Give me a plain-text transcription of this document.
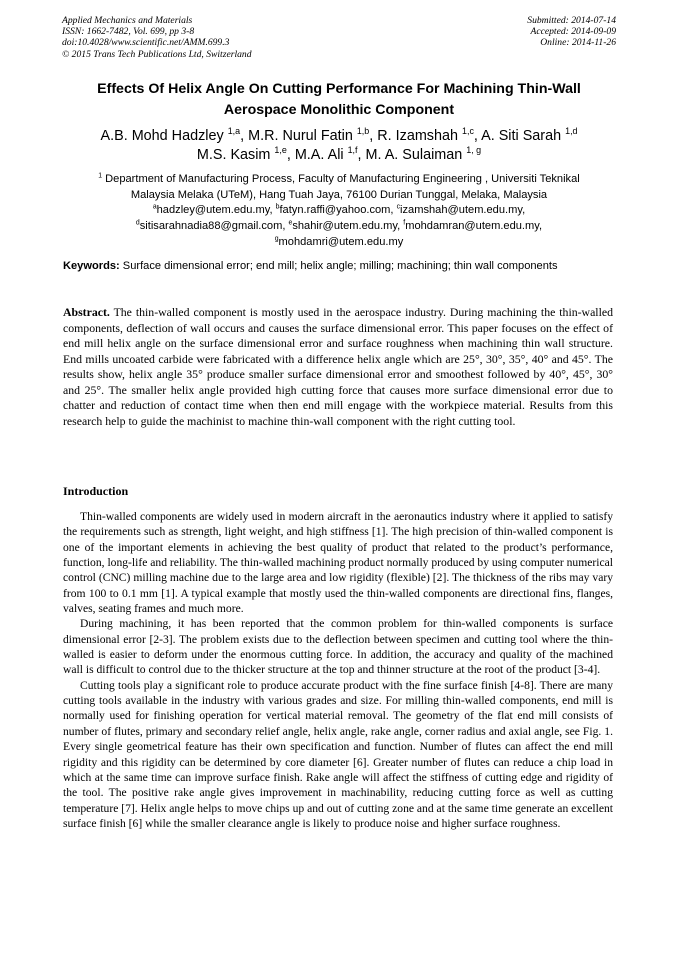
Applied Mechanics and Materials
ISSN: 1662-7482, Vol. 699, pp 3-8
doi:10.4028/www.scientific.net/AMM.699.3
© 2015 Trans Tech Publications Ltd, Switzerland
Submitted: 2014-07-14
Accepted: 2014-09-09
Online: 2014-11-26
Effects Of Helix Angle On Cutting Performance For Machining Thin-Wall
Aerospace Monolithic Component
A.B. Mohd Hadzley $^{1,a}$, M.R. Nurul Fatin $^{1,b}$, R. Izamshah $^{1,c}$, A. Siti Sarah $^{1,d}$
M.S. Kasim $^{1,e}$, M.A. Ali $^{1,f}$, M. A. Sulaiman $^{1, g}$
$^1$ Department of Manufacturing Process, Faculty of Manufacturing Engineering , Universiti Teknikal
Malaysia Melaka (UTeM), Hang Tuah Jaya, 76100 Durian Tunggal, Melaka, Malaysia
$^a$hadzley@utem.edu.my, $^b$fatyn.raffi@yahoo.com, $^c$izamshah@utem.edu.my,
$^d$sitisarahnadia88@gmail.com, $^e$shahir@utem.edu.my, $^f$mohdamran@utem.edu.my,
$^g$mohdamri@utem.edu.my
Keywords: Surface dimensional error; end mill; helix angle; milling; machining; thin wall components
Abstract. The thin-walled component is mostly used in the aerospace industry. During machining the thin-walled components, deflection of wall occurs and causes the surface dimensional error. This paper focuses on the effect of end mill helix angle on the surface dimensional error and surface roughness when machining thin wall structure. End mills uncoated carbide were fabricated with a difference helix angle which are 25°, 30°, 35°, 40° and 45°. The results show, helix angle 35° produce smaller surface dimensional error and smoothest followed by 40°, 45°, 30° and 25°. The smaller helix angle provided high cutting force that causes more surface dimensional error due to chatter and reduction of contact time when then end mill engage with the workpiece material. Results from this research help to guide the machinist to machine thin-wall component with the right cutting tool.
Introduction

Thin-walled components are widely used in modern aircraft in the aeronautics industry where it applied to satisfy the requirements such as strength, light weight, and high stiffness [1]. The high precision of thin-walled component is one of the important elements in achieving the best quality of product that related to the product’s performance, function, long-life and reliability. The thin-walled machining product normally produced by using computer numerical control (CNC) milling machine due to the large area and low rigidity (flexible) [2]. The thickness of the ribs may vary from 100 to 0.1 mm [1]. A typical example that mostly used the thin-walled components are directional fins, flanges, valves, seating frames and much more.

During machining, it has been reported that the common problem for thin-walled components is surface dimensional error [2-3]. The problem exists due to the deflection between specimen and cutting tool where the thin-walled is easier to deform under the enormous cutting force. In addition, the accuracy and quality of the machined wall is difficult to control due to the thicker structure at the top and thinner structure at the root of the product [3-4].

Cutting tools play a significant role to produce accurate product with the fine surface finish [4-8]. There are many cutting tools available in the industry with various grades and size. For milling thin-walled components, end mill is normally used for finishing operation for vertical material removal. The geometry of the flat end mill consists of number of flutes, primary and secondary relief angle, helix angle, rake angle, corner radius and axial angle, see Fig. 1. Every single geometrical feature has their own specification and function. Number of flutes can affect the end mill rigidity and this rigidity can be determined by core diameter [6]. Greater number of flutes can reduce a chip load in which at the same time can improve surface finish. Rake angle will affect the stiffness of cutting edge and rigidity of the tool. The positive rake angle gives improvement in machinability, reducing cutting force as well as cutting temperature [7]. Helix angle helps to move chips up and out of cutting zone and at the same time generate an excellent surface finish [6] while the smaller clearance angle is likely to produce noise and higher surface roughness.
